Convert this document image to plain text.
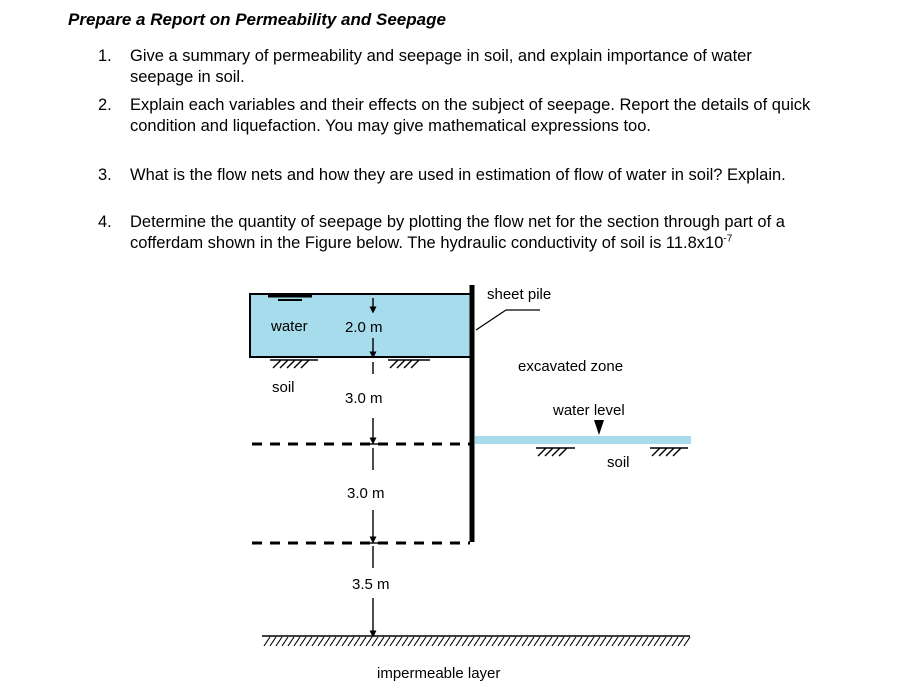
Prepare a Report on Permeability and Seepage
1. Give a summary of permeability and seepage in soil, and explain importance of water seepage in soil.
2. Explain each variables and their effects on the subject of seepage. Report the details of quick condition and liquefaction. You may give mathematical expressions too.
3. What is the flow nets and how they are used in estimation of flow of water in soil? Explain.
4. Determine the quantity of seepage by plotting the flow net for the section through part of a cofferdam shown in the Figure below. The hydraulic conductivity of soil is $11.8x10^{-7}$
sheet pile
water 2.0 m
excavated zone
soil
3.0 m
water level
soil
3.0 m
3.5 m
impermeable layer
